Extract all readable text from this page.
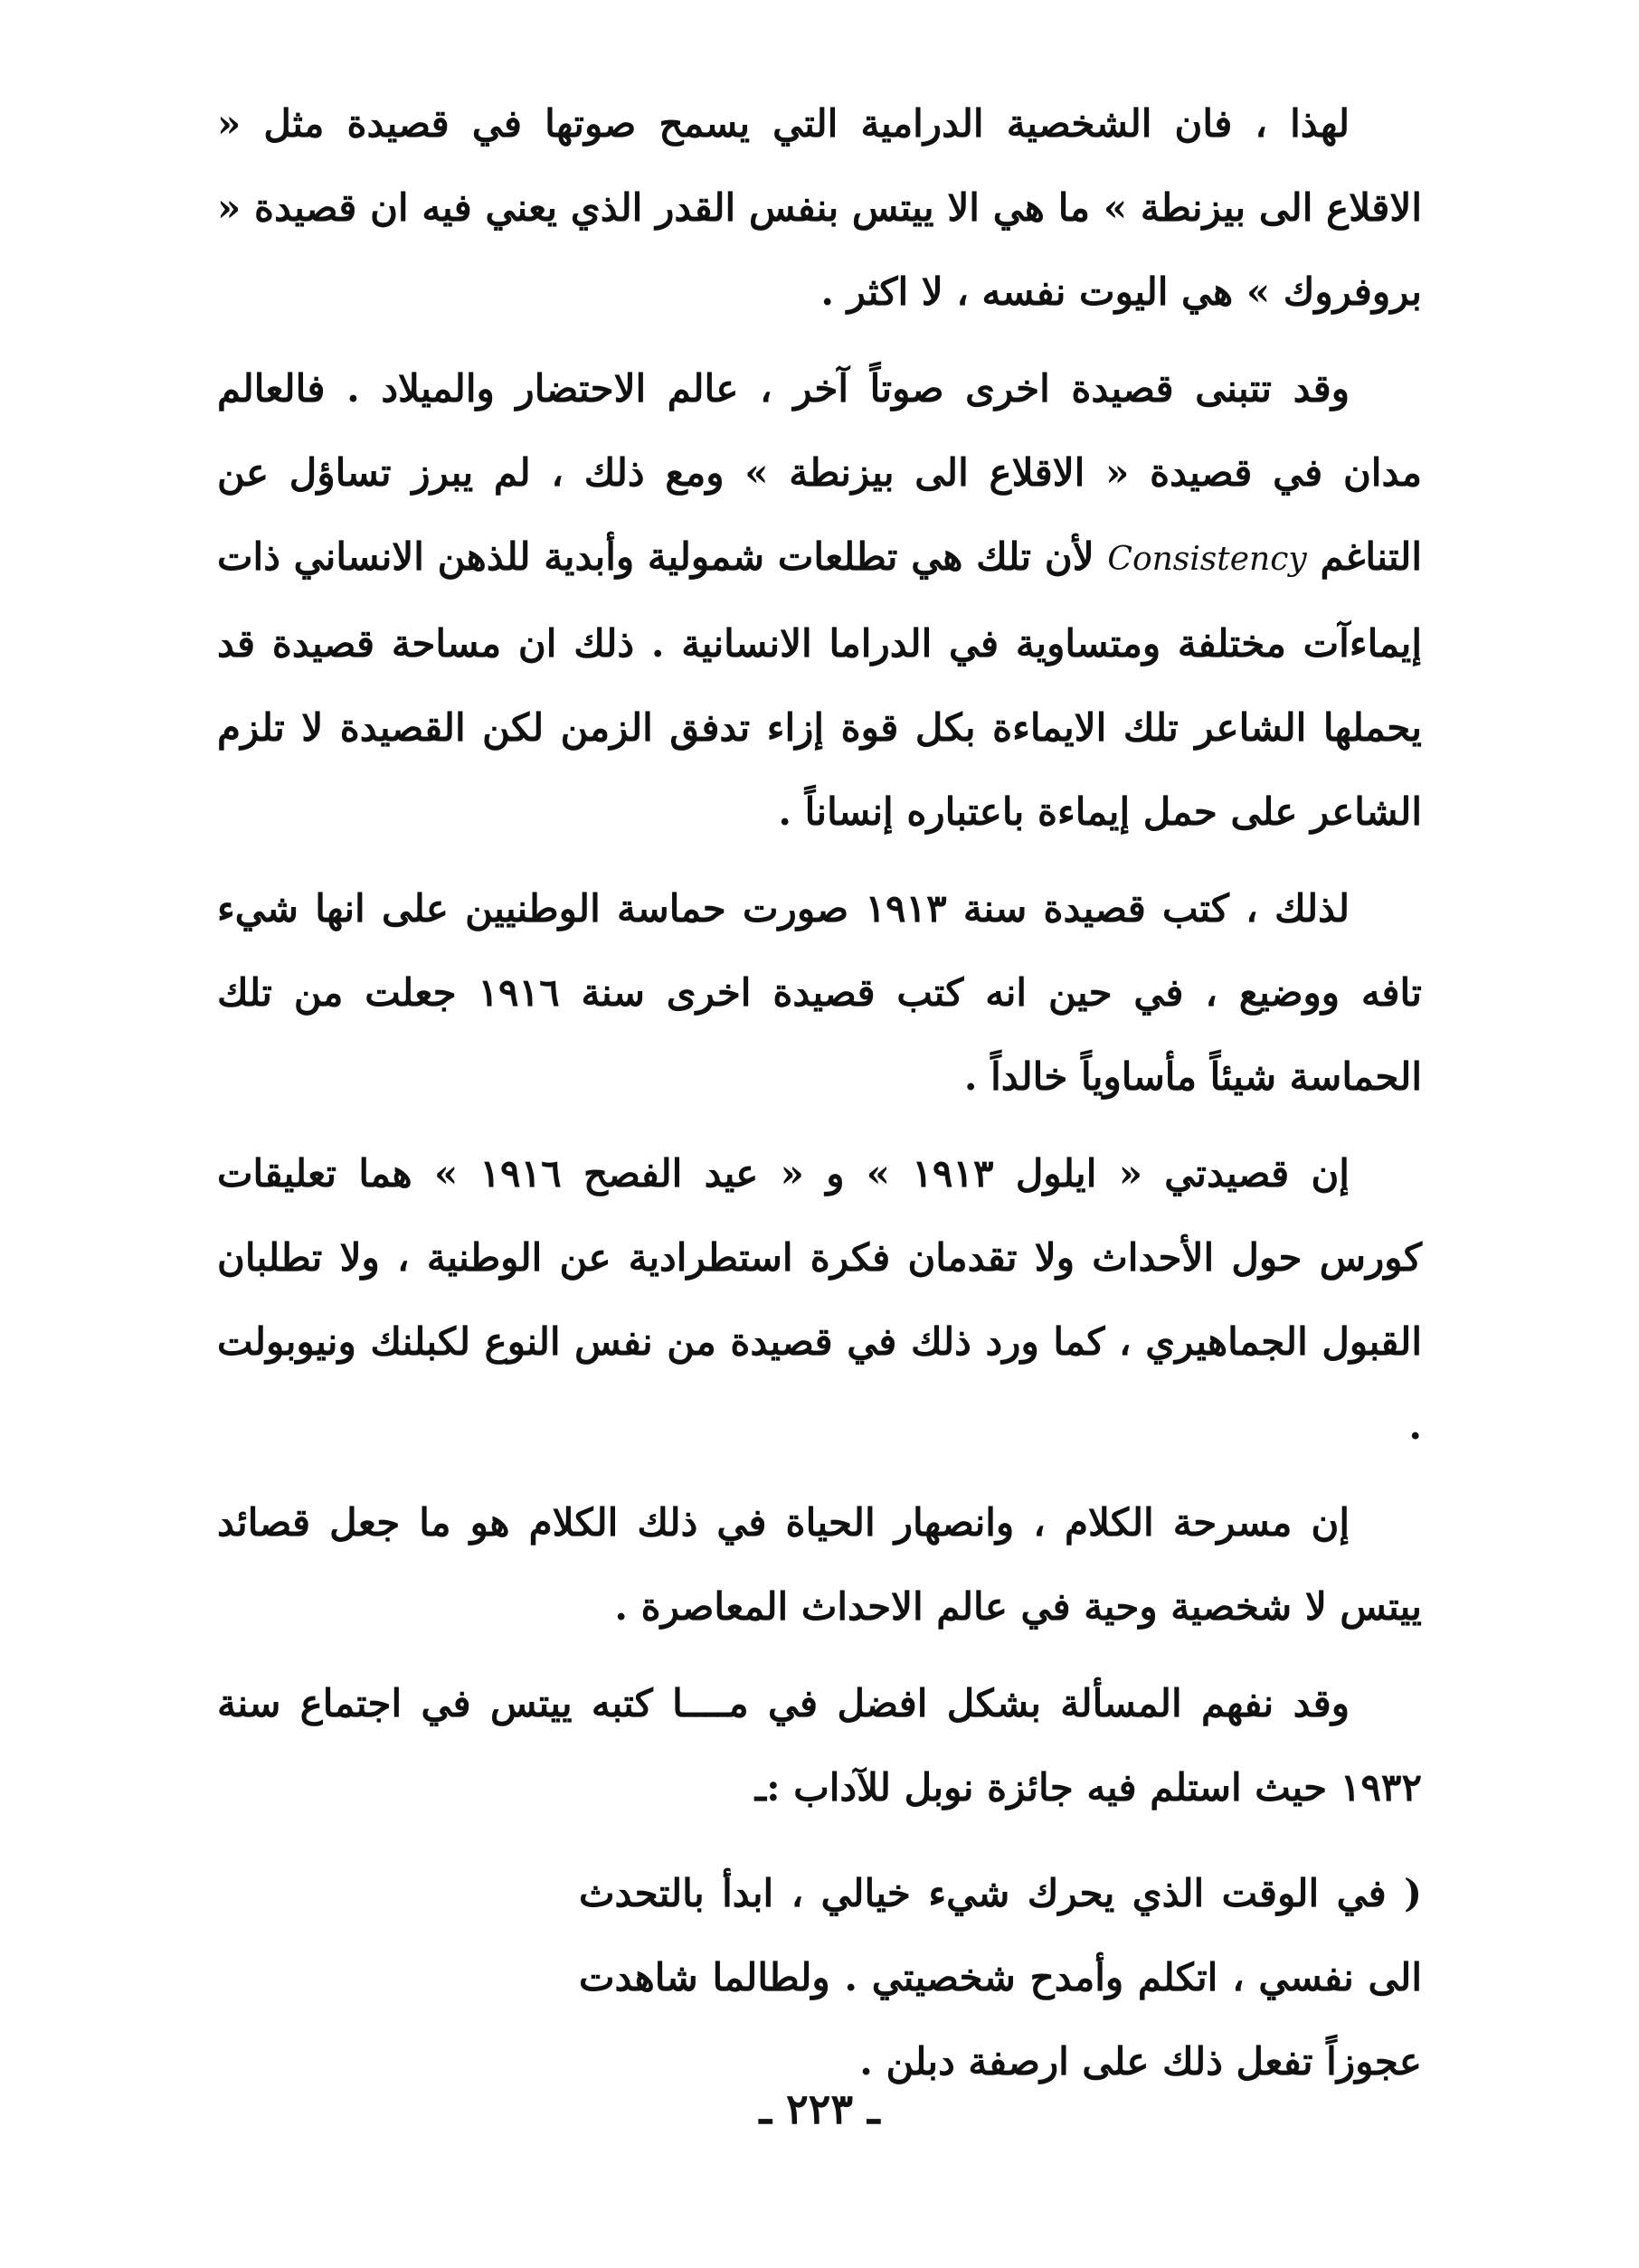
لهذا ، فان الشخصية الدرامية التي يسمح صوتها في قصيدة مثل « الاقلاع الى بيزنطة » ما هي الا ييتس بنفس القدر الذي يعني فيه ان قصيدة « بروفروك » هي اليوت نفسه ، لا اكثر .

وقد تتبنى قصيدة اخرى صوتاً آخر ، عالم الاحتضار والميلاد . فالعالم مدان في قصيدة « الاقلاع الى بيزنطة » ومع ذلك ، لم يبرز تساؤل عن التناغم Consistency لأن تلك هي تطلعات شمولية وأبدية للذهن الانساني ذات إيماءآت مختلفة ومتساوية في الدراما الانسانية . ذلك ان مساحة قصيدة قد يحملها الشاعر تلك الايماءة بكل قوة إزاء تدفق الزمن لكن القصيدة لا تلزم الشاعر على حمل إيماءة باعتباره إنساناً .

لذلك ، كتب قصيدة سنة ١٩١٣ صورت حماسة الوطنيين على انها شيء تافه ووضيع ، في حين انه كتب قصيدة اخرى سنة ١٩١٦ جعلت من تلك الحماسة شيئاً مأساوياً خالداً .

إن قصيدتي « ايلول ١٩١٣ » و « عيد الفصح ١٩١٦ » هما تعليقات كورس حول الأحداث ولا تقدمان فكرة استطرادية عن الوطنية ، ولا تطلبان القبول الجماهيري ، كما ورد ذلك في قصيدة من نفس النوع لكبلنك ونيوبولت .

إن مسرحة الكلام ، وانصهار الحياة في ذلك الكلام هو ما جعل قصائد ييتس لا شخصية وحية في عالم الاحداث المعاصرة .

وقد نفهم المسألة بشكل افضل في مــــا كتبه ييتس في اجتماع سنة ١٩٣٢ حيث استلم فيه جائزة نوبل للآداب :ـ

( في الوقت الذي يحرك شيء خيالي ، ابدأ بالتحدث الى نفسي ، اتكلم وأمدح شخصيتي . ولطالما شاهدت عجوزاً تفعل ذلك على ارصفة دبلن .

ـ ٢٢٣ ـ
